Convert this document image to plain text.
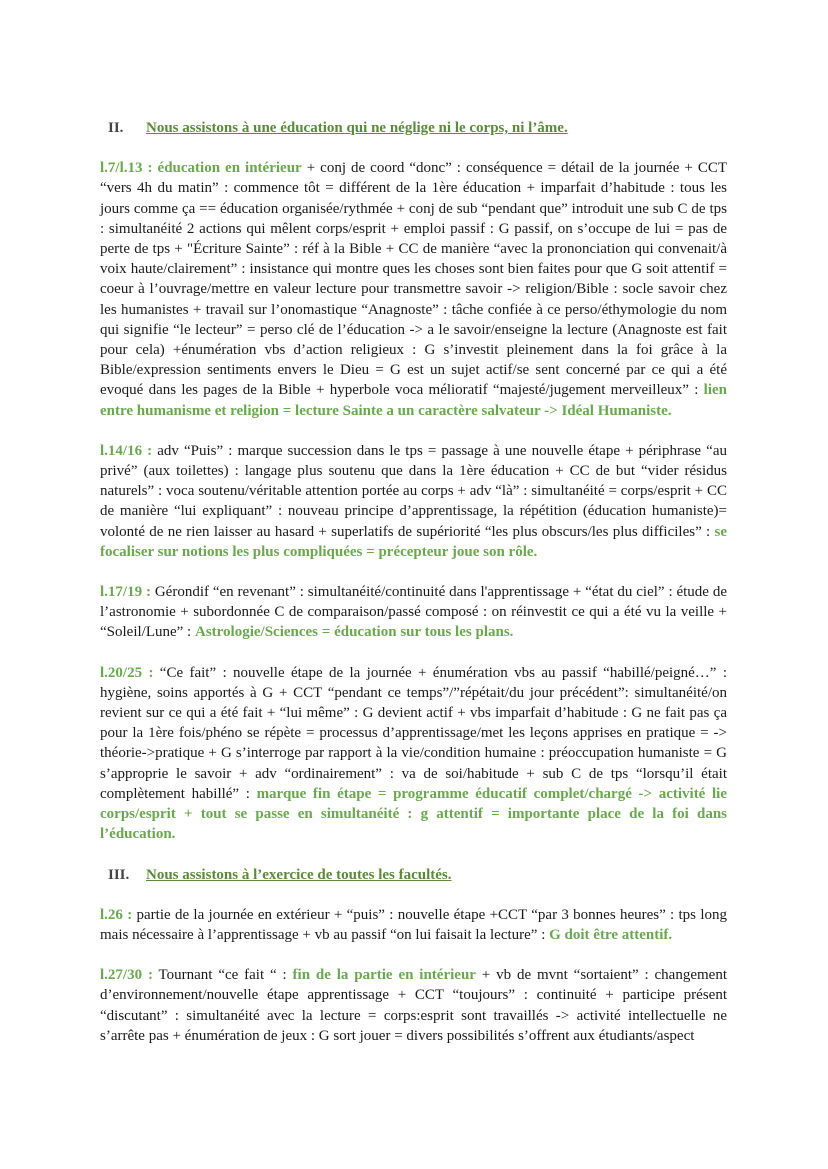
II.	Nous assistons à une éducation qui ne néglige ni le corps, ni l’âme.

l.7/l.13 : éducation en intérieur + conj de coord “donc” : conséquence = détail de la journée + CCT “vers 4h du matin” : commence tôt = différent de la 1ère éducation + imparfait d’habitude : tous les jours comme ça == éducation organisée/rythmée + conj de sub “pendant que” introduit une sub C de tps : simultanéité 2 actions qui mêlent corps/esprit + emploi passif : G passif, on s’occupe de lui = pas de perte de tps + "Écriture Sainte” : réf à la Bible + CC de manière “avec la prononciation qui convenait/à voix haute/clairement” : insistance qui montre ques les choses sont bien faites pour que G soit attentif = coeur à l’ouvrage/mettre en valeur lecture pour transmettre savoir -> religion/Bible : socle savoir chez les humanistes + travail sur l’onomastique “Anagnoste” : tâche confiée à ce perso/éthymologie du nom qui signifie “le lecteur” = perso clé de l’éducation -> a le savoir/enseigne la lecture (Anagnoste est fait pour cela) +énumération vbs d’action religieux : G s’investit pleinement dans la foi grâce à la Bible/expression sentiments envers le Dieu = G est un sujet actif/se sent concerné par ce qui a été evoqué dans les pages de la Bible + hyperbole voca mélioratif “majesté/jugement merveilleux” : lien entre humanisme et religion = lecture Sainte a un caractère salvateur -> Idéal Humaniste.

l.14/16 : adv “Puis” : marque succession dans le tps = passage à une nouvelle étape + périphrase “au privé” (aux toilettes) : langage plus soutenu que dans la 1ère éducation + CC de but “vider résidus naturels” : voca soutenu/véritable attention portée au corps + adv “là” : simultanéité = corps/esprit + CC de manière “lui expliquant” : nouveau principe d’apprentissage, la répétition (éducation humaniste)= volonté de ne rien laisser au hasard + superlatifs de supériorité “les plus obscurs/les plus difficiles” : se focaliser sur notions les plus compliquées = précepteur joue son rôle.

l.17/19 : Gérondif “en revenant” : simultanéité/continuité dans l'apprentissage + “état du ciel” : étude de l’astronomie + subordonnée C de comparaison/passé composé : on réinvestit ce qui a été vu la veille + “Soleil/Lune” : Astrologie/Sciences = éducation sur tous les plans.

l.20/25 : “Ce fait” : nouvelle étape de la journée + énumération vbs au passif “habillé/peigné…” : hygiène, soins apportés à G + CCT “pendant ce temps”/”répétait/du jour précédent”: simultanéité/on revient sur ce qui a été fait + “lui même” : G devient actif + vbs imparfait d’habitude : G ne fait pas ça pour la 1ère fois/phéno se répète = processus d’apprentissage/met les leçons apprises en pratique = -> théorie->pratique + G s’interroge par rapport à la vie/condition humaine : préoccupation humaniste = G s’approprie le savoir + adv “ordinairement” : va de soi/habitude + sub C de tps “lorsqu’il était complètement habillé” : marque fin étape = programme éducatif complet/chargé -> activité lie corps/esprit + tout se passe en simultanéité : g attentif = importante place de la foi dans l’éducation.

III.	Nous assistons à l’exercice de toutes les facultés.

l.26 : partie de la journée en extérieur + “puis” : nouvelle étape +CCT “par 3 bonnes heures” : tps long mais nécessaire à l’apprentissage + vb au passif “on lui faisait la lecture” : G doit être attentif.

l.27/30 : Tournant “ce fait “ : fin de la partie en intérieur + vb de mvnt “sortaient” : changement d’environnement/nouvelle étape apprentissage + CCT “toujours” : continuité + participe présent “discutant” : simultanéité avec la lecture = corps:esprit sont travaillés -> activité intellectuelle ne s’arrête pas + énumération de jeux : G sort jouer = divers possibilités s’offrent aux étudiants/aspect
